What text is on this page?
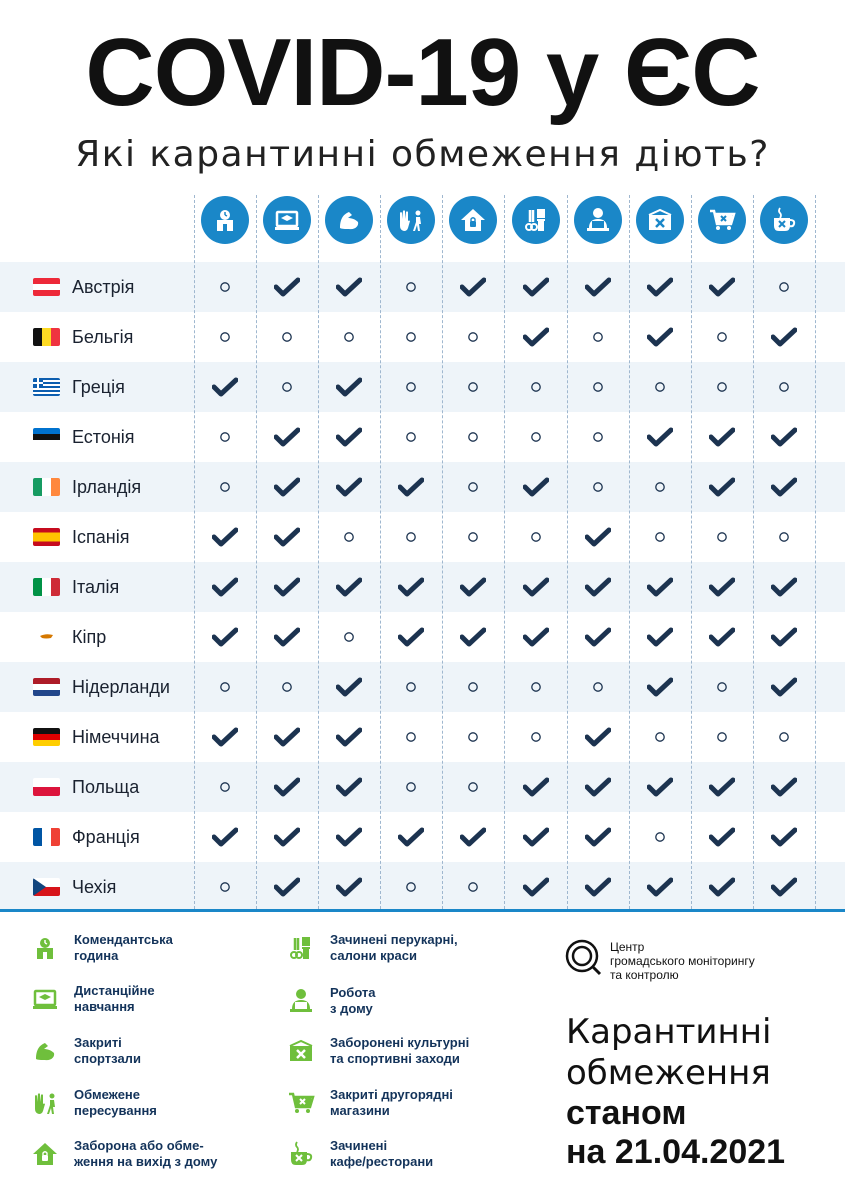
COVID-19 у ЄС
Які карантинні обмеження діють?
Австрія
Бельгія
Греція
Естонія
Ірландія
Іспанія
Італія
Кіпр
Нідерланди
Німеччина
Польща
Франція
Чехія
Комендантська
година
Дистанційне
навчання
Закриті
спортзали
Обмежене
пересування
Заборона або обме-
ження на вихід з дому
Зачинені перукарні,
салони краси
Робота
з дому
Заборонені культурні
та спортивні заходи
Закриті другорядні
магазини
Зачинені
кафе/ресторани
Центр
громадського моніторингу
та контролю
Карантинні
обмеження
станом
на 21.04.2021
